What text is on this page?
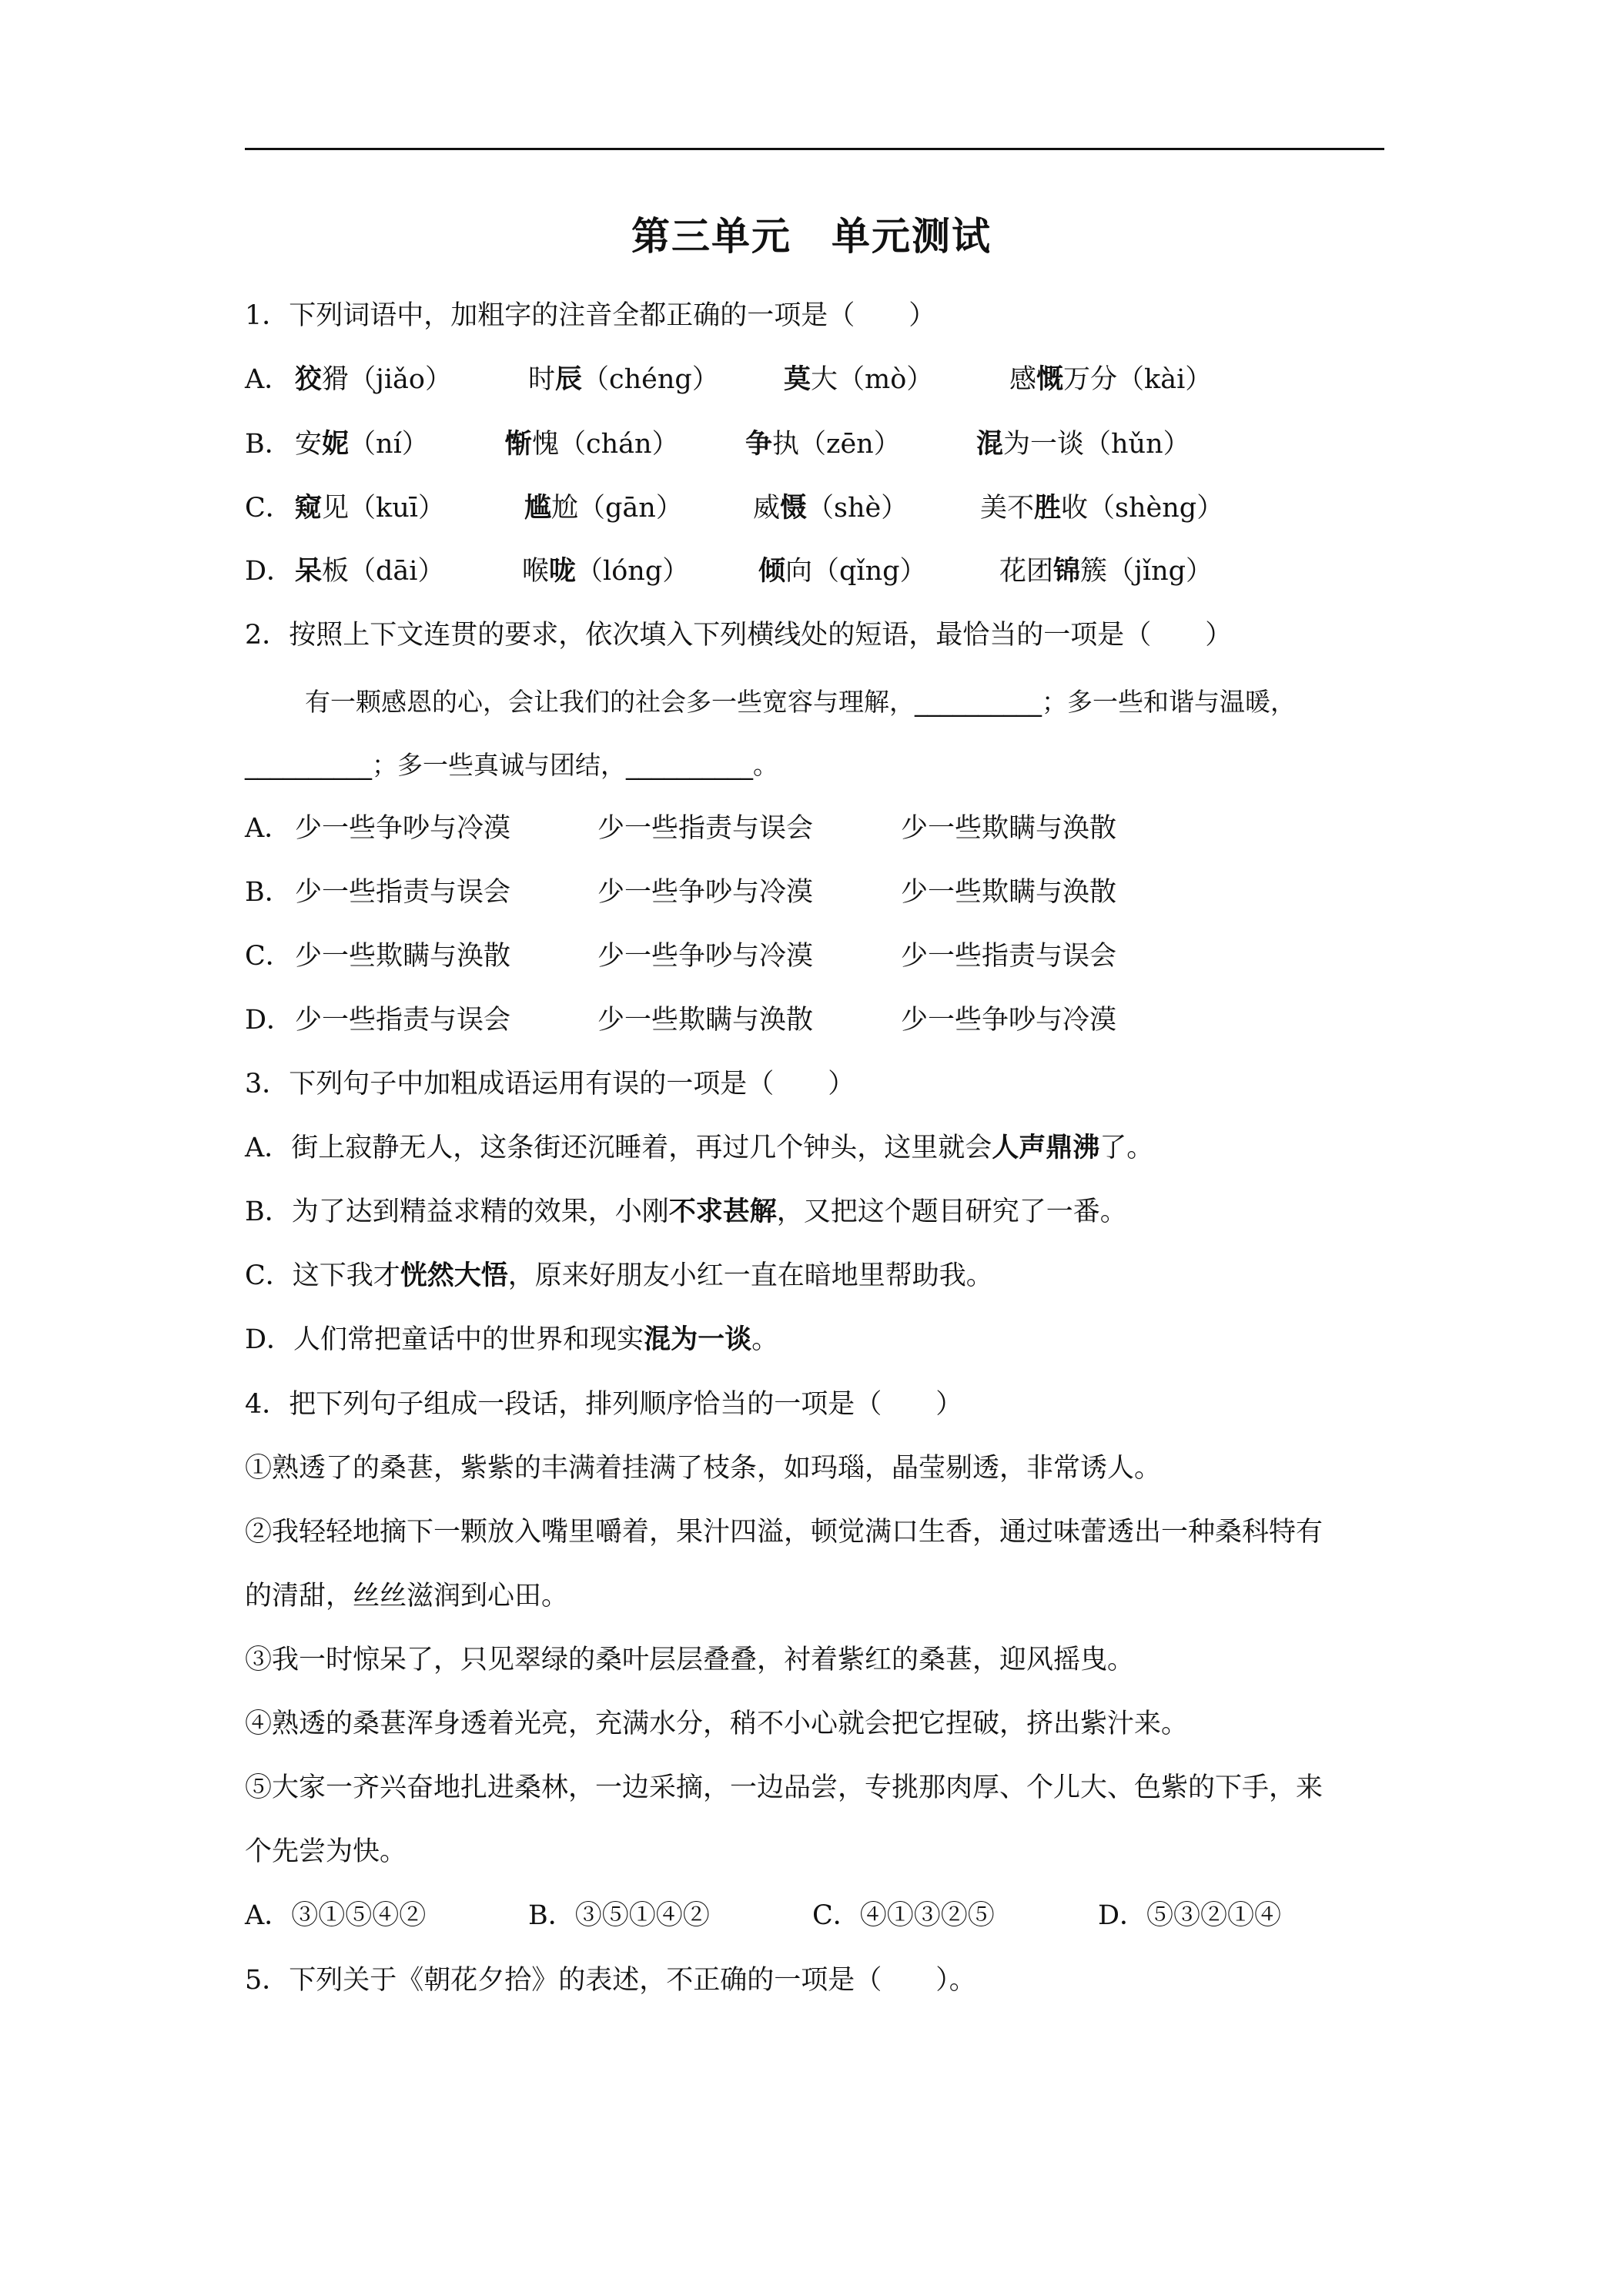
第三单元　单元测试
1．下列词语中，加粗字的注音全都正确的一项是（　　）
A． 狡猾（jiǎo）	时辰（chéng） 莫大（mò）	感慨万分（kài）
B． 安妮（ní）	惭愧（chán） 争执（zēn）	混为一谈（hǔn）
C． 窥见（kuī）	尴尬（gān）	威慑（shè）	美不胜收（shèng）
D． 呆板（dāi）	喉咙（lóng）	倾向（qǐng）	花团锦簇（jǐng）
2．按照上下文连贯的要求，依次填入下列横线处的短语，最恰当的一项是（　　）
有一颗感恩的心，会让我们的社会多一些宽容与理解，__________；多一些和谐与温暖，
__________；多一些真诚与团结，__________。
A． 少一些争吵与冷漠	少一些指责与误会	少一些欺瞒与涣散
B． 少一些指责与误会	少一些争吵与冷漠	少一些欺瞒与涣散
C． 少一些欺瞒与涣散	少一些争吵与冷漠	少一些指责与误会
D． 少一些指责与误会	少一些欺瞒与涣散	少一些争吵与冷漠
3．下列句子中加粗成语运用有误的一项是（　　）
A．街上寂静无人，这条街还沉睡着，再过几个钟头，这里就会人声鼎沸了。
B．为了达到精益求精的效果，小刚不求甚解，又把这个题目研究了一番。
C．这下我才恍然大悟，原来好朋友小红一直在暗地里帮助我。
D．人们常把童话中的世界和现实混为一谈。
4．把下列句子组成一段话，排列顺序恰当的一项是（　　）
①熟透了的桑葚，紫紫的丰满着挂满了枝条，如玛瑙，晶莹剔透，非常诱人。
②我轻轻地摘下一颗放入嘴里嚼着，果汁四溢，顿觉满口生香，通过味蕾透出一种桑科特有
的清甜，丝丝滋润到心田。
③我一时惊呆了，只见翠绿的桑叶层层叠叠，衬着紫红的桑葚，迎风摇曳。
④熟透的桑葚浑身透着光亮，充满水分，稍不小心就会把它捏破，挤出紫汁来。
⑤大家一齐兴奋地扎进桑林，一边采摘，一边品尝，专挑那肉厚、个儿大、色紫的下手，来
个先尝为快。
A．③①⑤④②	B．③⑤①④②	C．④①③②⑤	D．⑤③②①④
5．下列关于《朝花夕拾》的表述，不正确的一项是（　　）。
